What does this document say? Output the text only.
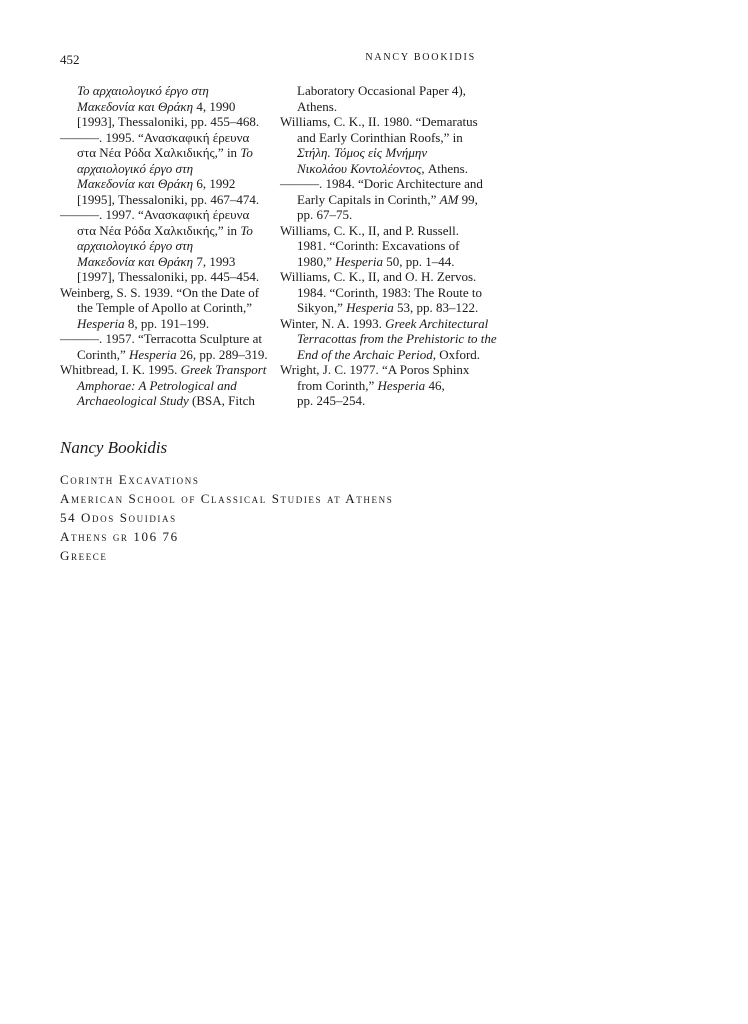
452	NANCY BOOKIDIS
Το αρχαιολογικό έργο στη
Μακεδονία και Θράκη 4, 1990
[1993], Thessaloniki, pp. 455–468.
———. 1995. “Ανασκαφική έρευνα
στα Νέα Ρόδα Χαλκιδικής,” in Το
αρχαιολογικό έργο στη
Μακεδονία και Θράκη 6, 1992
[1995], Thessaloniki, pp. 467–474.
———. 1997. “Ανασκαφική έρευνα
στα Νέα Ρόδα Χαλκιδικής,” in Το
αρχαιολογικό έργο στη
Μακεδονία και Θράκη 7, 1993
[1997], Thessaloniki, pp. 445–454.
Weinberg, S. S. 1939. “On the Date of
the Temple of Apollo at Corinth,”
Hesperia 8, pp. 191–199.
———. 1957. “Terracotta Sculpture at
Corinth,” Hesperia 26, pp. 289–319.
Whitbread, I. K. 1995. Greek Transport
Amphorae: A Petrological and
Archaeological Study (BSA, Fitch
Laboratory Occasional Paper 4),
Athens.
Williams, C. K., II. 1980. “Demaratus
and Early Corinthian Roofs,” in
Στήλη. Τόμος εἰς Μνήμην
Νικολάου Κοντολέοντος, Athens.
———. 1984. “Doric Architecture and
Early Capitals in Corinth,” AM 99,
pp. 67–75.
Williams, C. K., II, and P. Russell.
1981. “Corinth: Excavations of
1980,” Hesperia 50, pp. 1–44.
Williams, C. K., II, and O. H. Zervos.
1984. “Corinth, 1983: The Route to
Sikyon,” Hesperia 53, pp. 83–122.
Winter, N. A. 1993. Greek Architectural
Terracottas from the Prehistoric to the
End of the Archaic Period, Oxford.
Wright, J. C. 1977. “A Poros Sphinx
from Corinth,” Hesperia 46,
pp. 245–254.
Nancy Bookidis
Corinth Excavations
American School of Classical Studies at Athens
54 Odos Souidias
Athens gr 106 76
Greece
